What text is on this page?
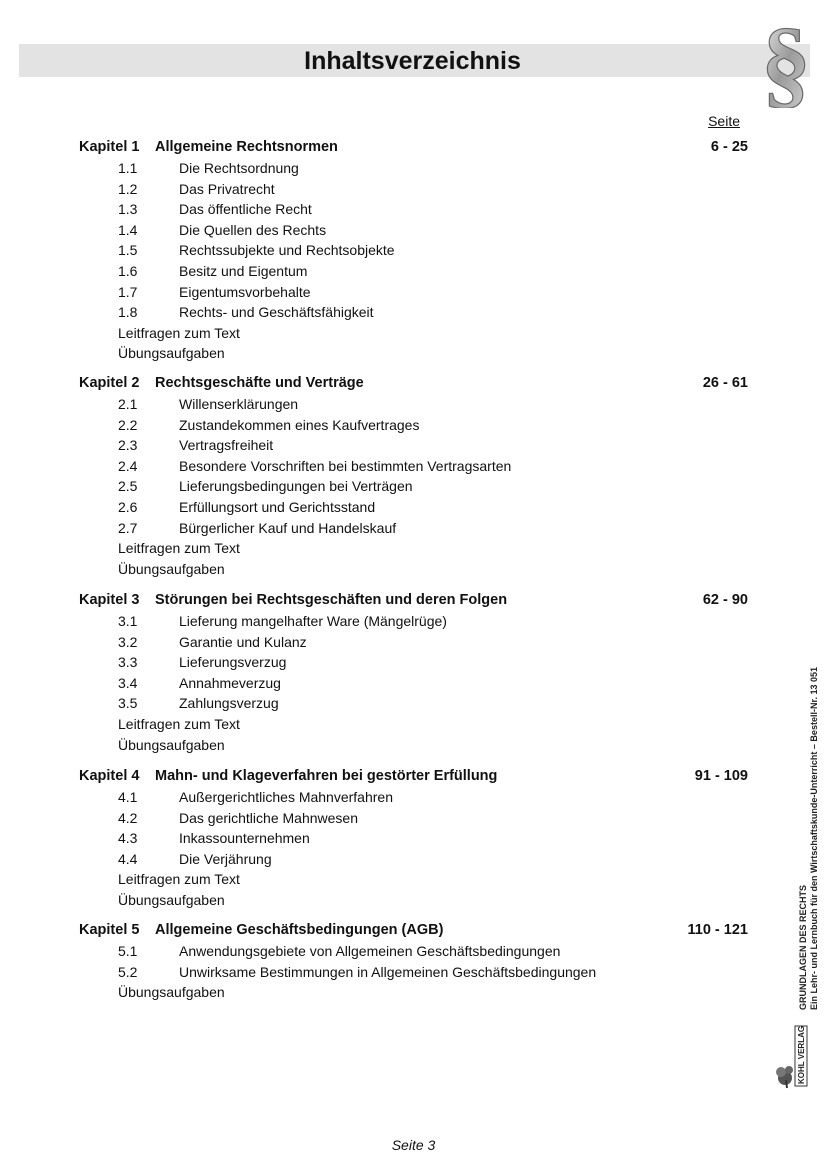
Inhaltsverzeichnis	§
Seite
Kapitel 1 Allgemeine Rechtsnormen	6 - 25
1.1	Die Rechtsordnung
1.2	Das Privatrecht
1.3	Das öffentliche Recht
1.4	Die Quellen des Rechts
1.5	Rechtssubjekte und Rechtsobjekte
1.6	Besitz und Eigentum
1.7	Eigentumsvorbehalte
1.8	Rechts- und Geschäftsfähigkeit
Leitfragen zum Text
Übungsaufgaben
Kapitel 2 Rechtsgeschäfte und Verträge	26 - 61
2.1	Willenserklärungen
2.2	Zustandekommen eines Kaufvertrages
2.3	Vertragsfreiheit
2.4	Besondere Vorschriften bei bestimmten Vertragsarten
2.5	Lieferungsbedingungen bei Verträgen
2.6	Erfüllungsort und Gerichtsstand
2.7	Bürgerlicher Kauf und Handelskauf
Leitfragen zum Text
Übungsaufgaben
Kapitel 3 Störungen bei Rechtsgeschäften und deren Folgen	62 - 90
3.1	Lieferung mangelhafter Ware (Mängelrüge)
3.2	Garantie und Kulanz
3.3	Lieferungsverzug
3.4	Annahmeverzug
3.5	Zahlungsverzug
Leitfragen zum Text
Übungsaufgaben
Kapitel 4 Mahn- und Klageverfahren bei gestörter Erfüllung	91 - 109
4.1	Außergerichtliches Mahnverfahren
4.2	Das gerichtliche Mahnwesen
4.3	Inkassounternehmen
4.4	Die Verjährung
Leitfragen zum Text
Übungsaufgaben
Kapitel 5 Allgemeine Geschäftsbedingungen (AGB)	110 - 121
5.1	Anwendungsgebiete von Allgemeinen Geschäftsbedingungen
5.2	Unwirksame Bestimmungen in Allgemeinen Geschäftsbedingungen
Übungsaufgaben
Seite 3
GRUNDLAGEN DES RECHTS Ein Lehr- und Lernbuch für den Wirtschaftskunde-Unterricht – Bestell-Nr. 13 051
KOHL VERLAG
